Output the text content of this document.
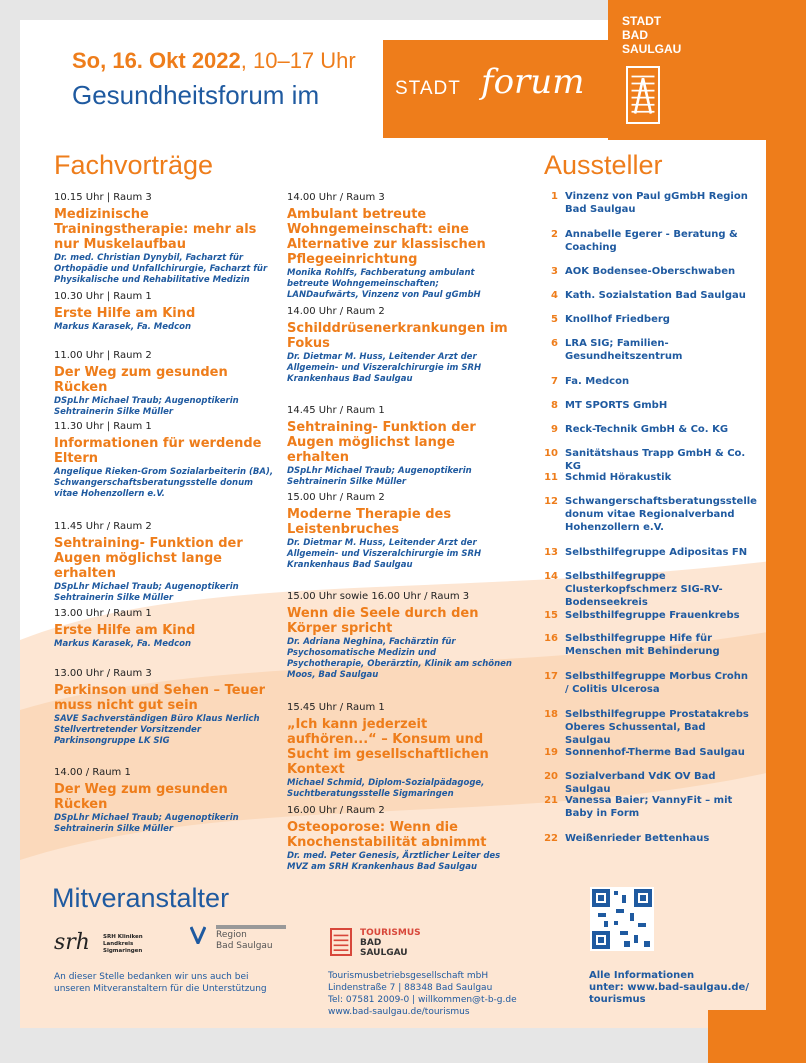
So, 16. Okt 2022, 10–17 Uhr
Gesundheitsforum im	STADT forum
STADT
BAD
SAULGAU
Fachvorträge	Aussteller
10.15 Uhr | Raum 3
Medizinische Trainingstherapie: mehr als nur Muskelaufbau
Dr. med. Christian Dynybil, Facharzt für Orthopädie und Unfallchirurgie, Facharzt für Physikalische und Rehabilitative Medizin
10.30 Uhr | Raum 1
Erste Hilfe am Kind
Markus Karasek, Fa. Medcon
11.00 Uhr | Raum 2
Der Weg zum gesunden Rücken
DSpLhr Michael Traub; Augenoptikerin Sehtrainerin Silke Müller
11.30 Uhr | Raum 1
Informationen für werdende Eltern
Angelique Rieken-Grom Sozialarbeiterin (BA), Schwangerschaftsberatungsstelle donum vitae Hohenzollern e.V.
11.45 Uhr / Raum 2
Sehtraining- Funktion der Augen möglichst lange erhalten
DSpLhr Michael Traub; Augenoptikerin Sehtrainerin Silke Müller
13.00 Uhr / Raum 1
Erste Hilfe am Kind
Markus Karasek, Fa. Medcon
13.00 Uhr / Raum 3
Parkinson und Sehen – Teuer muss nicht gut sein
SAVE Sachverständigen Büro Klaus Nerlich Stellvertretender Vorsitzender Parkinsongruppe LK SIG
14.00 / Raum 1
Der Weg zum gesunden Rücken
DSpLhr Michael Traub; Augenoptikerin Sehtrainerin Silke Müller
14.00 Uhr / Raum 3
Ambulant betreute Wohngemeinschaft: eine Alternative zur klassischen Pflegeeinrichtung
Monika Rohlfs, Fachberatung ambulant betreute Wohngemeinschaften; LANDaufwärts, Vinzenz von Paul gGmbH
14.00 Uhr / Raum 2
Schilddrüsenerkrankungen im Fokus
Dr. Dietmar M. Huss, Leitender Arzt der Allgemein- und Viszeralchirurgie im SRH Krankenhaus Bad Saulgau
14.45 Uhr / Raum 1
Sehtraining- Funktion der Augen möglichst lange erhalten
DSpLhr Michael Traub; Augenoptikerin Sehtrainerin Silke Müller
15.00 Uhr / Raum 2
Moderne Therapie des Leistenbruches
Dr. Dietmar M. Huss, Leitender Arzt der Allgemein- und Viszeralchirurgie im SRH Krankenhaus Bad Saulgau
15.00 Uhr sowie 16.00 Uhr / Raum 3
Wenn die Seele durch den Körper spricht
Dr. Adriana Neghina, Fachärztin für Psychosomatische Medizin und Psychotherapie, Oberärztin, Klinik am schönen Moos, Bad Saulgau
15.45 Uhr / Raum 1
„Ich kann jederzeit aufhören...“ – Konsum und Sucht im gesellschaftlichen Kontext
Michael Schmid, Diplom-Sozialpädagoge, Suchtberatungsstelle Sigmaringen
16.00 Uhr / Raum 2
Osteoporose: Wenn die Knochenstabilität abnimmt
Dr. med. Peter Genesis, Ärztlicher Leiter des MVZ am SRH Krankenhaus Bad Saulgau
1 Vinzenz von Paul gGmbH Region Bad Saulgau
2 Annabelle Egerer - Beratung & Coaching
3 AOK Bodensee-Oberschwaben
4 Kath. Sozialstation Bad Saulgau
5 Knollhof Friedberg
6 LRA SIG; Familien-Gesundheitszentrum
7 Fa. Medcon
8 MT SPORTS GmbH
9 Reck-Technik GmbH & Co. KG
10 Sanitätshaus Trapp GmbH & Co. KG
11 Schmid Hörakustik
12 Schwangerschaftsberatungsstelle donum vitae Regionalverband Hohenzollern e.V.
13 Selbsthilfegruppe Adipositas FN
14 Selbsthilfegruppe Clusterkopfschmerz SIG-RV-Bodenseekreis
15 Selbsthilfegruppe Frauenkrebs
16 Selbsthilfegruppe Hife für Menschen mit Behinderung
17 Selbsthilfegruppe Morbus Crohn / Colitis Ulcerosa
18 Selbsthilfegruppe Prostatakrebs Oberes Schussental, Bad Saulgau
19 Sonnenhof-Therme Bad Saulgau
20 Sozialverband VdK OV Bad Saulgau
21 Vanessa Baier; VannyFit – mit Baby in Form
22 Weißenrieder Bettenhaus
Mitveranstalter
srh SRH Kliniken Landkreis Sigmaringen
Region
Bad Saulgau
TOURISMUS
BAD
SAULGAU
An dieser Stelle bedanken wir uns auch bei
unseren Mitveranstaltern für die Unterstützung
Tourismusbetriebsgesellschaft mbH
Lindenstraße 7 | 88348 Bad Saulgau
Tel: 07581 2009-0 | willkommen@t-b-g.de
www.bad-saulgau.de/tourismus
Alle Informationen
unter: www.bad-saulgau.de/
tourismus
